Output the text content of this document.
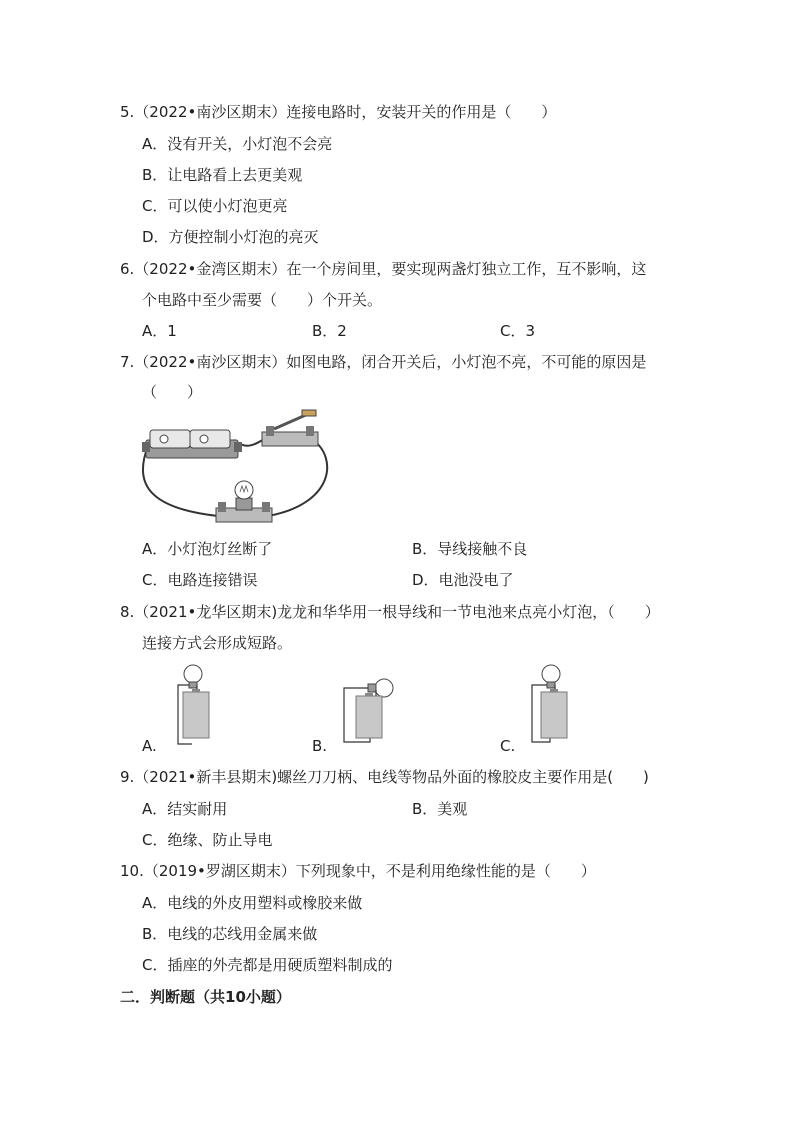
5.（2022•南沙区期末）连接电路时，安装开关的作用是（　　）
A．没有开关，小灯泡不会亮
B．让电路看上去更美观
C．可以使小灯泡更亮
D．方便控制小灯泡的亮灭
6.（2022•金湾区期末）在一个房间里，要实现两盏灯独立工作，互不影响，这
个电路中至少需要（　　）个开关。
A．1	B．2	C．3
7.（2022•南沙区期末）如图电路，闭合开关后，小灯泡不亮，不可能的原因是
（　　）
A．小灯泡灯丝断了	B．导线接触不良
C．电路连接错误	D．电池没电了
8.（2021•龙华区期末)龙龙和华华用一根导线和一节电池来点亮小灯泡，（　　）
连接方式会形成短路。
A.	B.	C.
9.（2021•新丰县期末)螺丝刀刀柄、电线等物品外面的橡胶皮主要作用是(　　)
A．结实耐用	B．美观
C．绝缘、防止导电
10.（2019•罗湖区期末）下列现象中，不是利用绝缘性能的是（　　）
A．电线的外皮用塑料或橡胶来做
B．电线的芯线用金属来做
C．插座的外壳都是用硬质塑料制成的
二．判断题（共10小题）
